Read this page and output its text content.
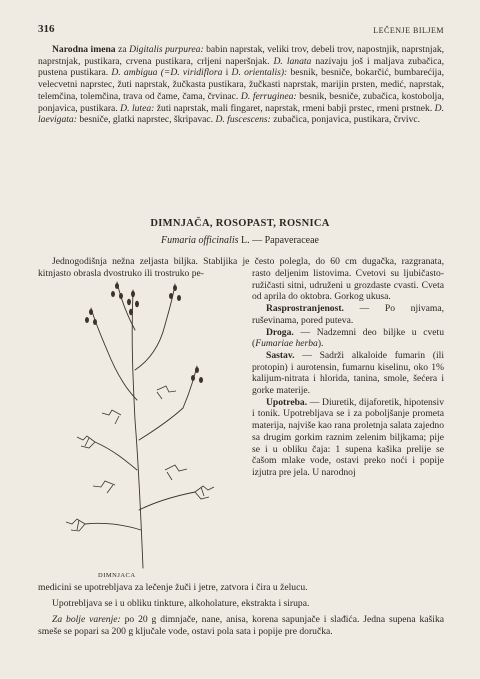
316	LEČENJE BILJEM

Narodna imena za Digitalis purpurea: babin naprstak, veliki trov, debeli trov, napostnjik, naprstnjak, naprstnjak, pustikara, crvena pustikara, crljeni naperšnjak. D. lanata nazivaju još i maljava zubačica, pustena pustikara. D. ambigua (=D. viridiflora i D. orientalis): besnik, besniče, bokarčić, bumbarećija, velecvetni naprstec, žuti naprstak, žučkasta pustikara, žučkasti naprstak, marijin prsten, medić, naprstak, telemčina, tolemčina, trava od čame, čama, črvinac. D. ferruginea: besnik, besniče, zubačica, kostobolja, ponjavica, pustikara. D. lutea: žuti naprstak, mali fingaret, naprstak, rmeni babji prstec, rmeni prstnek. D. laevigata: besniče, glatki naprstec, škripavac. D. fuscescens: zubačica, ponjavica, pustikara, črvivc.

DIMNJAČA, ROSOPAST, ROSNICA
Fumaria officinalis L. — Papaveraceae

Jednogodišnja nežna zeljasta biljka. Stabljika je često polegla, do 60 cm dugačka, razgranata, kitnjasto obrasla dvostruko ili trostruko pe-

DIMNJACA

rasto deljenim listovima. Cvetovi su ljubičasto-ružičasti sitni, udruženi u grozdaste cvasti. Cveta od aprila do oktobra. Gorkog ukusa.

Rasprostranjenost. — Po njivama, ruševinama, pored puteva.

Droga. — Nadzemni deo biljke u cvetu (Fumariae herba).

Sastav. — Sadrži alkaloide fumarin (ili protopin) i aurotensin, fumarnu kiselinu, oko 1% kalijum-nitrata i hlorida, tanina, smole, šećera i gorke materije.

Upotreba. — Diuretik, dijaforetik, hipotensiv i tonik. Upotrebljava se i za poboljšanje prometa materija, najviše kao rana proletnja salata zajedno sa drugim gorkim raznim zelenim biljkama; pije se i u obliku čaja: 1 supena kašika prelije se čašom mlake vode, ostavi preko noći i popije izjutra pre jela. U narodnoj

medicini se upotrebljava za lečenje žuči i jetre, zatvora i čira u želucu.

Upotrebljava se i u obliku tinkture, alkoholature, ekstrakta i sirupa.

Za bolje varenje: po 20 g dimnjače, nane, anisa, korena sapunjače i slađića. Jedna supena kašika smeše se popari sa 200 g ključale vode, ostavi pola sata i popije pre doručka.
